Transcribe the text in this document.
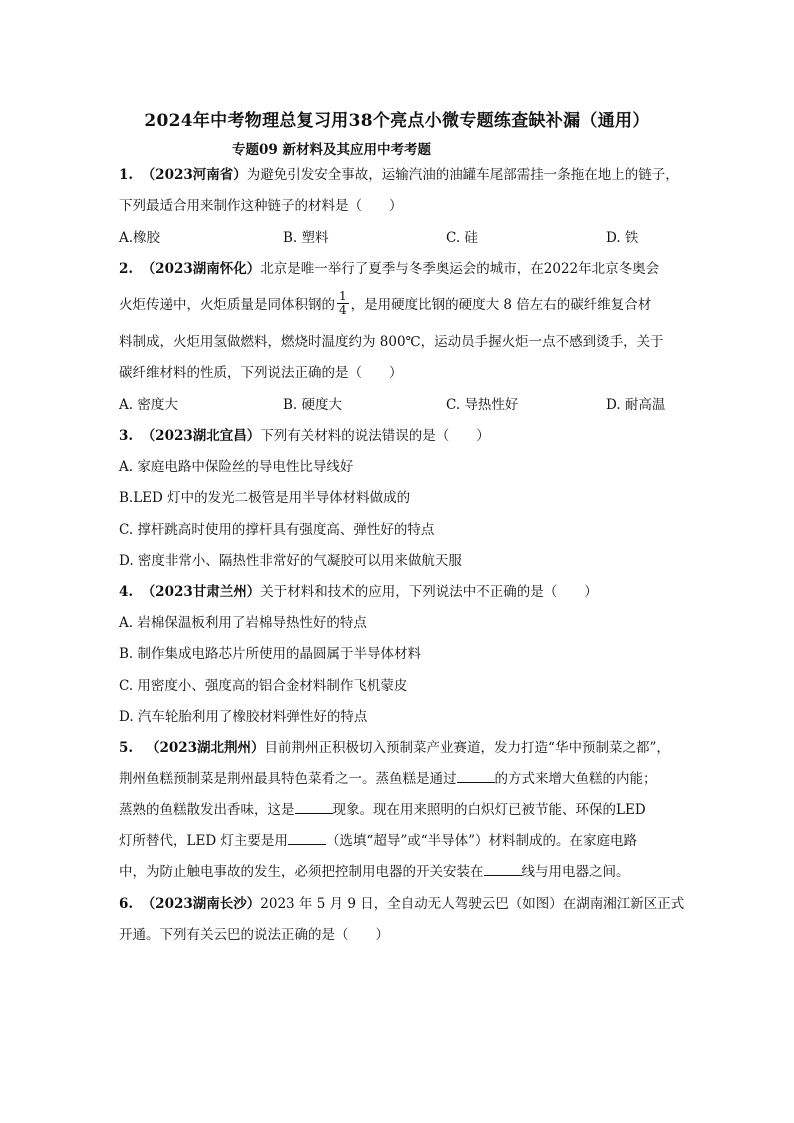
2024年中考物理总复习用38个亮点小微专题练查缺补漏（通用）
专题09 新材料及其应用中考考题
1. （2023河南省）为避免引发安全事故，运输汽油的油罐车尾部需挂一条拖在地上的链子，
下列最适合用来制作这种链子的材料是（　　）
A.橡胶	B. 塑料	C. 硅	D. 铁
2. （2023湖南怀化）北京是唯一举行了夏季与冬季奥运会的城市，在2022年北京冬奥会
火炬传递中，火炬质量是同体积钢的 $\frac{1}{4}$ ，是用硬度比钢的硬度大 8 倍左右的碳纤维复合材
料制成，火炬用氢做燃料，燃烧时温度约为 800℃，运动员手握火炬一点不感到烫手，关于
碳纤维材料的性质，下列说法正确的是（　　）
A. 密度大	B. 硬度大	C. 导热性好	D. 耐高温
3. （2023湖北宜昌）下列有关材料的说法错误的是（　　）
A. 家庭电路中保险丝的导电性比导线好
B.LED 灯中的发光二极管是用半导体材料做成的
C. 撑杆跳高时使用的撑杆具有强度高、弹性好的特点
D. 密度非常小、隔热性非常好的气凝胶可以用来做航天服
4. （2023甘肃兰州）关于材料和技术的应用，下列说法中不正确的是（　　）
A. 岩棉保温板利用了岩棉导热性好的特点
B. 制作集成电路芯片所使用的晶圆属于半导体材料
C. 用密度小、强度高的铝合金材料制作飞机蒙皮
D. 汽车轮胎利用了橡胶材料弹性好的特点
5. （2023湖北荆州）目前荆州正积极切入预制菜产业赛道，发力打造“华中预制菜之都”，
荆州鱼糕预制菜是荆州最具特色菜肴之一。蒸鱼糕是通过	的方式来增大鱼糕的内能；
蒸熟的鱼糕散发出香味，这是	现象。现在用来照明的白炽灯已被节能、环保的LED
灯所替代，LED 灯主要是用	（选填“超导”或“半导体”）材料制成的。在家庭电路
中，为防止触电事故的发生，必须把控制用电器的开关安装在	线与用电器之间。
6. （2023湖南长沙）2023 年 5 月 9 日，全自动无人驾驶云巴（如图）在湖南湘江新区正式
开通。下列有关云巴的说法正确的是（　　）
